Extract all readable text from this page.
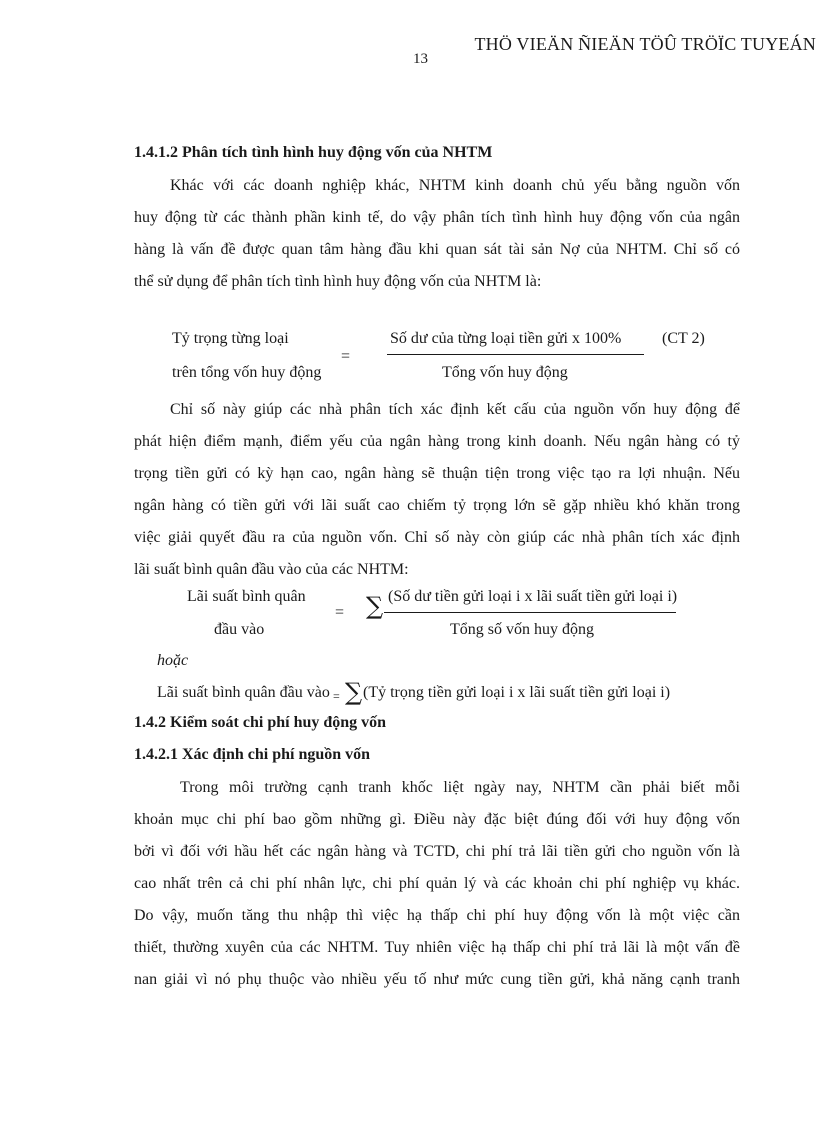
THÖ VIEÄN ÑIEÄN TÖÛ TRÖÏC TUYEÁN
13
1.4.1.2 Phân tích tình hình huy động vốn của NHTM
Khác với các doanh nghiệp khác, NHTM kinh doanh chủ yếu bằng nguồn vốn
huy động từ các thành phần kinh tế, do vậy phân tích tình hình huy động vốn của ngân
hàng là vấn đề được quan tâm hàng đầu khi quan sát tài sản Nợ của NHTM. Chỉ số có
thể sử dụng để phân tích tình hình huy động vốn của NHTM là:
Tỷ trọng từng loại
trên tổng vốn huy động
=
Số dư của từng loại tiền gửi x 100%
Tổng vốn huy động
(CT 2)
Chỉ số này giúp các nhà phân tích xác định kết cấu của nguồn vốn huy động để
phát hiện điểm mạnh, điểm yếu của ngân hàng trong kinh doanh. Nếu ngân hàng có tỷ
trọng tiền gửi có kỳ hạn cao, ngân hàng sẽ thuận tiện trong việc tạo ra lợi nhuận. Nếu
ngân hàng có tiền gửi với lãi suất cao chiếm tỷ trọng lớn sẽ gặp nhiều khó khăn trong
việc giải quyết đầu ra của nguồn vốn. Chỉ số này còn giúp các nhà phân tích xác định
lãi suất bình quân đầu vào của các NHTM:
Lãi suất bình quân
đầu vào
= ∑ (Số dư tiền gửi loại i x lãi suất tiền gửi loại i)
Tổng số vốn huy động
hoặc
Lãi suất bình quân đầu vào = ∑ (Tỷ trọng tiền gửi loại i x lãi suất tiền gửi loại i)
1.4.2 Kiểm soát chi phí huy động vốn
1.4.2.1 Xác định chi phí nguồn vốn
Trong môi trường cạnh tranh khốc liệt ngày nay, NHTM cần phải biết mỗi
khoản mục chi phí bao gồm những gì. Điều này đặc biệt đúng đối với huy động vốn
bởi vì đối với hầu hết các ngân hàng và TCTD, chi phí trả lãi tiền gửi cho nguồn vốn là
cao nhất trên cả chi phí nhân lực, chi phí quản lý và các khoản chi phí nghiệp vụ khác.
Do vậy, muốn tăng thu nhập thì việc hạ thấp chi phí huy động vốn là một việc cần
thiết, thường xuyên của các NHTM. Tuy nhiên việc hạ thấp chi phí trả lãi là một vấn đề
nan giải vì nó phụ thuộc vào nhiều yếu tố như mức cung tiền gửi, khả năng cạnh tranh
